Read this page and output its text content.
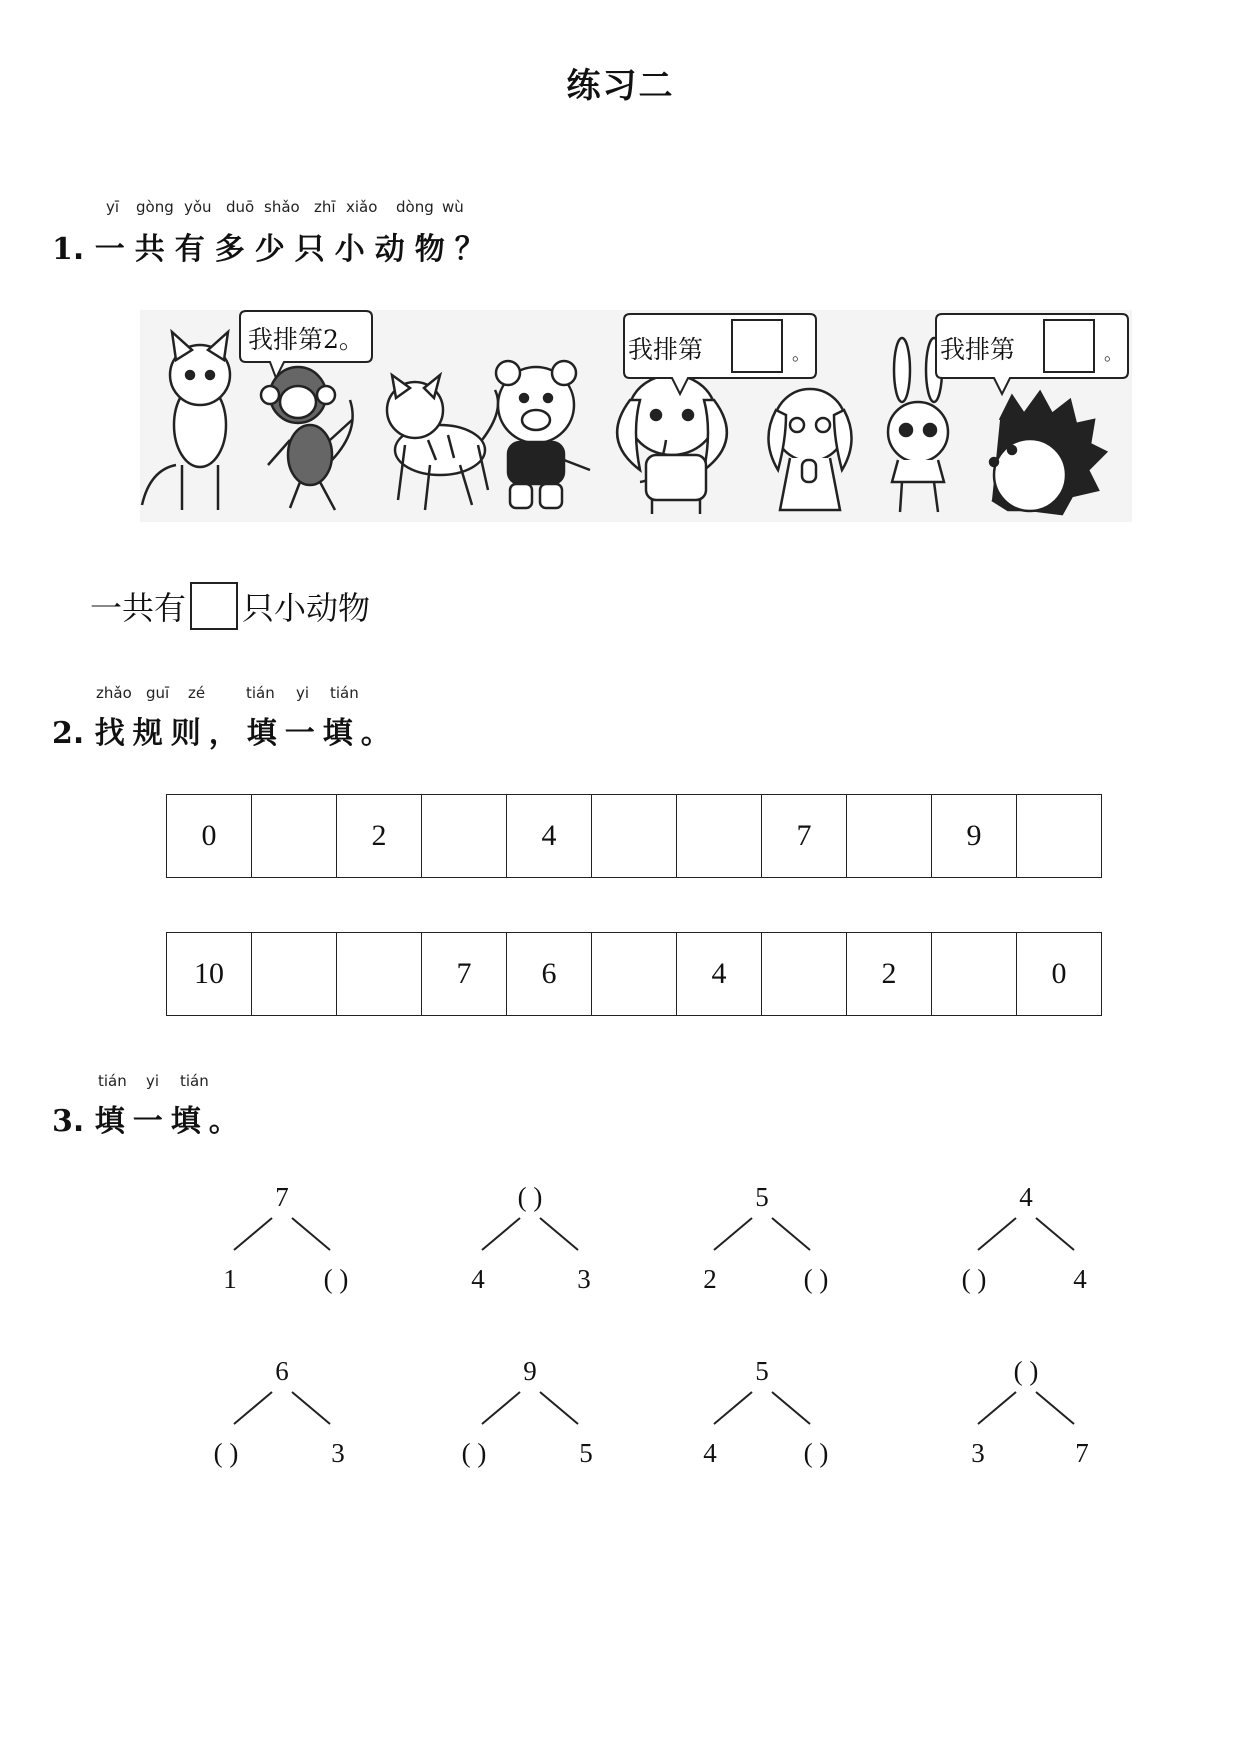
练习二
yī gòng yǒu duō shǎo zhī xiǎo dòng wù
1. 一共有多少只小动物？
我排第2。	我排第	。	我排第	。
一共有 只小动物
zhǎo guī zé	tián yi tián
2. 找规则，填一填。
0		2		4			7		9	
10			7	6		4		2		0
tián yi tián
3. 填一填。
7
1	( )
( )
4	3
5
2	( )
4
( )	4
6
( )	3
9
( )	5
5
4	( )
( )
3	7
